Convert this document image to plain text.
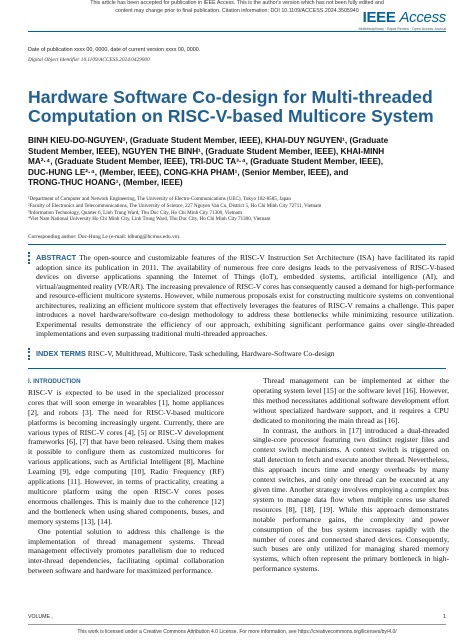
This article has been accepted for publication in IEEE Access. This is the author's version which has not been fully edited and
content may change prior to final publication. Citation information: DOI 10.1109/ACCESS.2024.3505940 IEEE Access
Multidisciplinary : Rapid Review : Open Access Journal
Date of publication xxxx 00, 0000, date of current version xxxx 00, 0000.
Digital Object Identifier 10.1109/ACCESS.2024.0429000
Hardware Software Co-design for Multi-threaded
Computation on RISC-V-based Multicore System
BINH KIEU-DO-NGUYEN¹, (Graduate Student Member, IEEE), KHAI-DUY NGUYEN¹, (Graduate
Student Member, IEEE), NGUYEN THE BINH¹, (Graduate Student Member, IEEE), KHAI-MINH
MA²·⁴, (Graduate Student Member, IEEE), TRI-DUC TA³·⁴, (Graduate Student Member, IEEE),
DUC-HUNG LE²·⁴, (Member, IEEE), CONG-KHA PHAM¹, (Senior Member, IEEE), and
TRONG-THUC HOANG¹, (Member, IEEE)
¹Department of Computer and Network Engineering, The University of Electro-Communications (UEC), Tokyo 182-8585, Japan
²Faculty of Electronics and Telecommunications, The University of Science, 227 Nguyen Van Cu, District 5, Ho Chi Minh City 72711, Vietnam
³Information Technology, Quarter 6, Linh Trung Ward, Thu Duc City, Ho Chi Minh City 71300, Vietnam
⁴Viet Nam National University Ho Chi Minh City, Linh Trung Ward, Thu Duc City, Ho Chi Minh City 71300, Vietnam
Corresponding author: Duc-Hung Le (e-mail: ldhung@hcmus.edu.vn).
ABSTRACT The open-source and customizable features of the RISC-V Instruction Set Architecture (ISA) have facilitated its rapid adoption since its publication in 2011. The availability of numerous free core designs leads to the pervasiveness of RISC-V-based devices on diverse applications spanning the Internet of Things (IoT), embedded systems, artificial intelligence (AI), and virtual/augmented reality (VR/AR). The increasing prevalence of RISC-V cores has consequently caused a demand for high-performance and resource-efficient multicore systems. However, while numerous proposals exist for constructing multicore systems on conventional architectures, realizing an efficient multicore system that effectively leverages the features of RISC-V remains a challenge. This paper introduces a novel hardware/software co-design methodology to address these bottlenecks while minimizing resource utilization. Experimental results demonstrate the efficiency of our approach, exhibiting significant performance gains over single-threaded implementations and even surpassing traditional multi-threaded approaches.
INDEX TERMS RISC-V, Multithread, Multicore, Task scheduling, Hardware-Software Co-design
I. INTRODUCTION

RISC-V is expected to be used in the specialized processor cores that will soon emerge in wearables [1], home appliances [2], and robots [3]. The need for RISC-V-based multicore platforms is becoming increasingly urgent. Currently, there are various types of RISC-V cores [4], [5] or RISC-V development frameworks [6], [7] that have been released. Using them makes it possible to configure them as customized multicores for various applications, such as Artificial Intelligent [8], Machine Learning [9], edge computing [10], Radio Frequency (RF) applications [11]. However, in terms of practicality, creating a multicore platform using the open RISC-V cores poses enormous challenges. This is mainly due to the coherence [12] and the bottleneck when using shared components, buses, and memory systems [13], [14].

One potential solution to address this challenge is the implementation of thread management systems. Thread management effectively promotes parallelism due to reduced inter-thread dependencies, facilitating optimal collaboration between software and hardware for maximized performance.

Thread management can be implemented at either the operating system level [15] or the software level [16]. However, this method necessitates additional software development effort without specialized hardware support, and it requires a CPU dedicated to monitoring the main thread as [16].

In contrast, the authors in [17] introduced a dual-threaded single-core processor featuring two distinct register files and context switch mechanisms. A context switch is triggered on stall detection to fetch and execute another thread. Nevertheless, this approach incurs time and energy overheads by many context switches, and only one thread can be executed at any given time. Another strategy involves employing a complex bus system to manage data flow when multiple cores use shared resources [8], [18], [19]. While this approach demonstrates notable performance gains, the complexity and power consumption of the bus system increases rapidly with the number of cores and connected shared devices. Consequently, such buses are only utilized for managing shared memory systems, which often represent the primary bottleneck in high-performance systems.

VOLUME ,	1
This work is licensed under a Creative Commons Attribution 4.0 License. For more information, see https://creativecommons.org/licenses/by/4.0/
